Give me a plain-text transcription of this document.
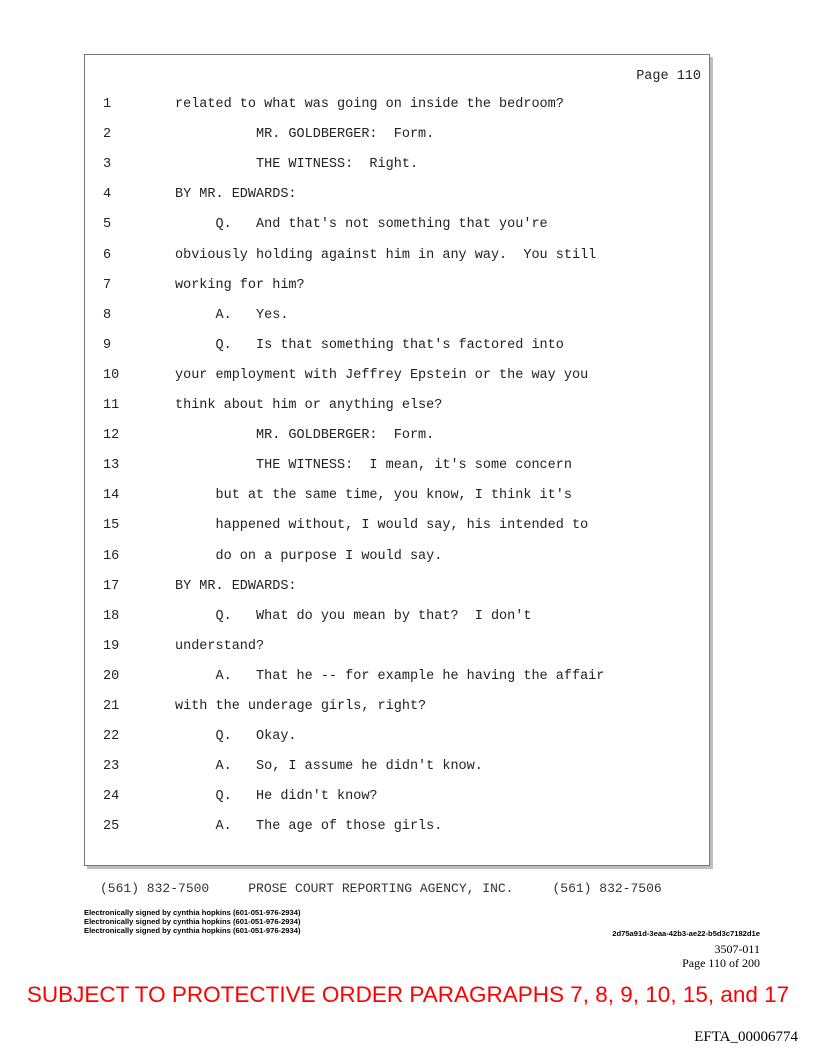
Page 110
1	related to what was going on inside the bedroom?
2	MR. GOLDBERGER:  Form.
3	THE WITNESS:  Right.
4	BY MR. EDWARDS:
5	Q.   And that's not something that you're
6	obviously holding against him in any way.  You still
7	working for him?
8	A.   Yes.
9	Q.   Is that something that's factored into
10	your employment with Jeffrey Epstein or the way you
11	think about him or anything else?
12	MR. GOLDBERGER:  Form.
13	THE WITNESS:  I mean, it's some concern
14	but at the same time, you know, I think it's
15	happened without, I would say, his intended to
16	do on a purpose I would say.
17	BY MR. EDWARDS:
18	Q.   What do you mean by that?  I don't
19	understand?
20	A.   That he -- for example he having the affair
21	with the underage girls, right?
22	Q.   Okay.
23	A.   So, I assume he didn't know.
24	Q.   He didn't know?
25	A.   The age of those girls.
(561) 832-7500     PROSE COURT REPORTING AGENCY, INC.     (561) 832-7506
Electronically signed by cynthia hopkins (601-051-976-2934)
Electronically signed by cynthia hopkins (601-051-976-2934)
Electronically signed by cynthia hopkins (601-051-976-2934)	2d75a91d-3eaa-42b3-ae22-b5d3c7182d1e
3507-011
Page 110 of 200
SUBJECT TO PROTECTIVE ORDER PARAGRAPHS 7, 8, 9, 10, 15, and 17
EFTA_00006774
